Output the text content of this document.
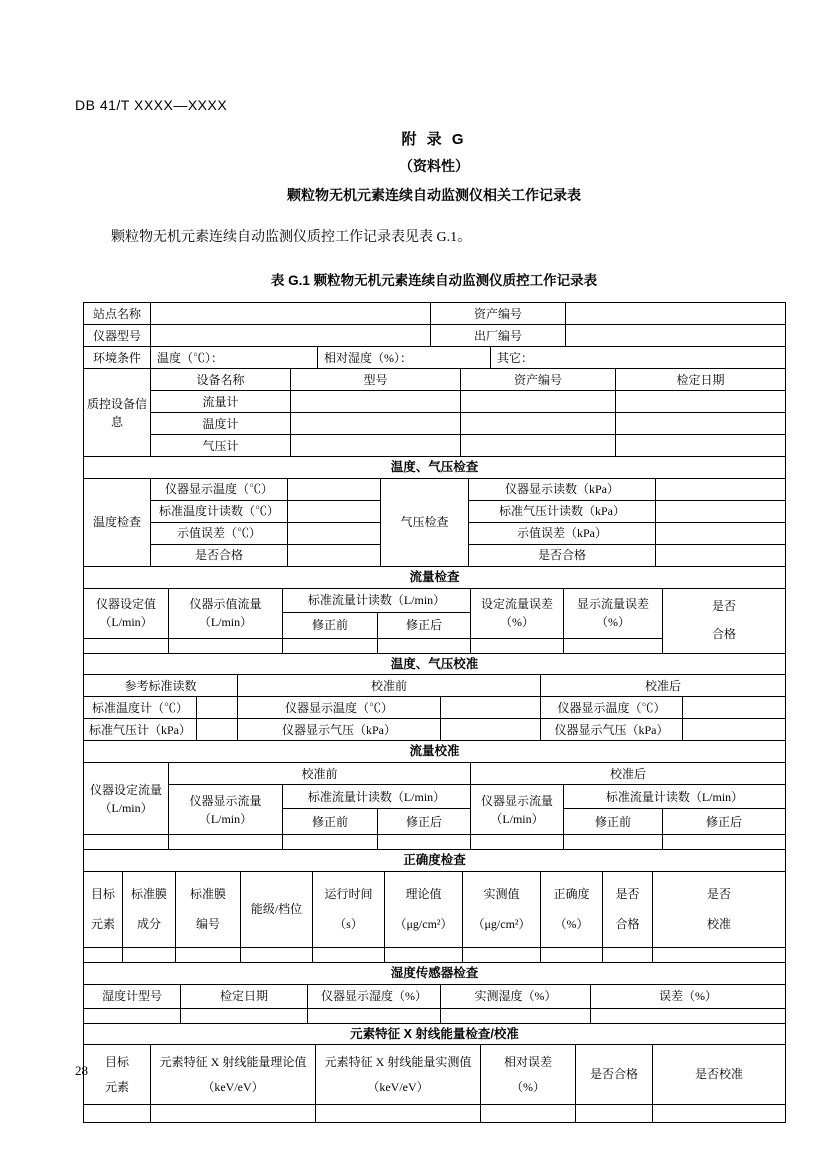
DB 41/T XXXX—XXXX
附 录 G
（资料性）
颗粒物无机元素连续自动监测仪相关工作记录表

颗粒物无机元素连续自动监测仪质控工作记录表见表 G.1。

表 G.1 颗粒物无机元素连续自动监测仪质控工作记录表
站点名称		资产编号	
仪器型号		出厂编号	
环境条件	温度（℃）：	相对湿度（%）：	其它：
质控设备信息	设备名称	型号	资产编号	检定日期
	流量计			
	温度计			
	气压计			
温度、气压检查					
温度检查	仪器显示温度（℃）		气压检查	仪器显示读数（kPa）	
	标准温度计读数（℃）			标准气压计读数（kPa）	
	示值误差（℃）			示值误差（kPa）	
	是否合格			是否合格	
流量检查						
仪器设定值（L/min）	仪器示值流量（L/min）	标准流量计读数（L/min）		设定流量误差（%）	显示流量误差（%）	是否合格
		修正前	修正后			

温度、气压校准					
参考标准读数		校准前		校准后	
标准温度计（℃）		仪器显示温度（℃）		仪器显示温度（℃）	
标准气压计（kPa）		仪器显示气压（kPa）		仪器显示气压（kPa）	
流量校准						
仪器设定流量（L/min）	校准前			校准后		
	仪器显示流量（L/min）	标准流量计读数（L/min）		仪器显示流量（L/min）	标准流量计读数（L/min）	
		修正前	修正后		修正前	修正后

正确度检查									
目标元素	标准膜成分	标准膜编号	能级/档位	运行时间（s）	理论值（μg/cm²）	实测值（μg/cm²）	正确度（%）	是否合格	是否校准

湿度传感器检查				
湿度计型号	检定日期	仪器显示湿度（%）	实测湿度（%）	误差（%）

元素特征 X 射线能量检查/校准					
目标元素	元素特征 X 射线能量理论值（keV/eV）	元素特征 X 射线能量实测值（keV/eV）	相对误差（%）	是否合格	是否校准

28
